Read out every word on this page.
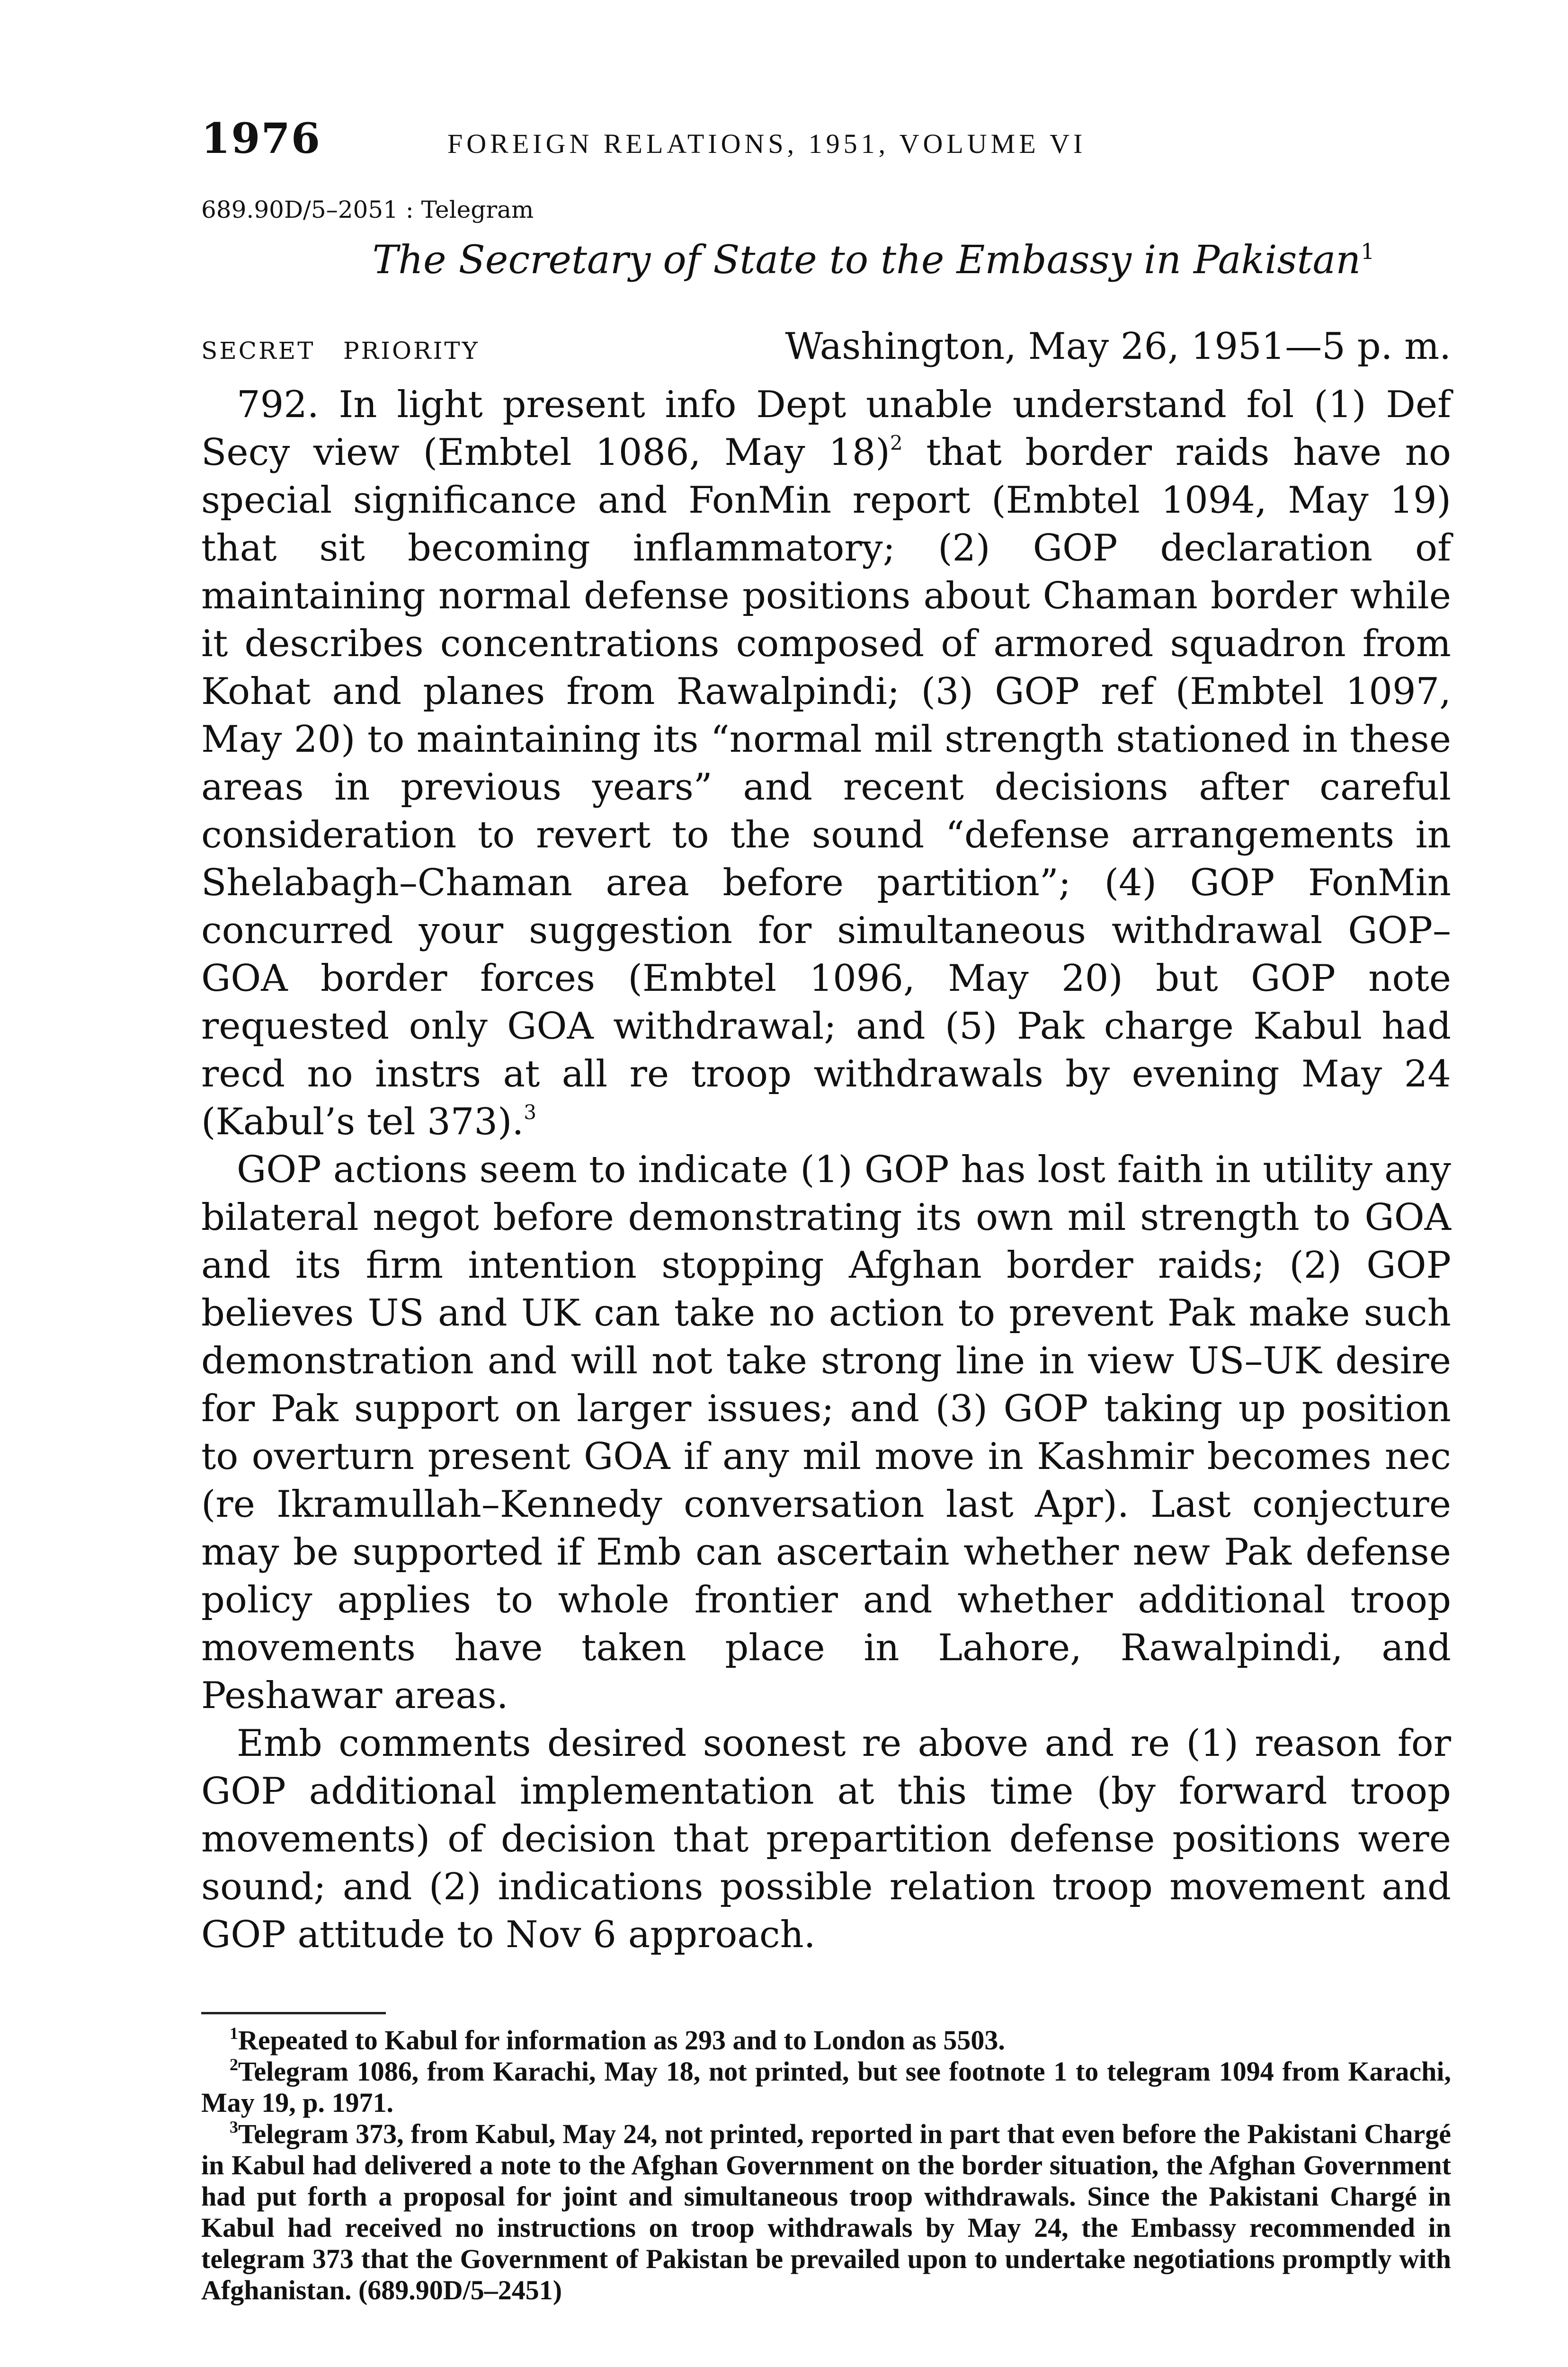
1976	FOREIGN RELATIONS, 1951, VOLUME VI
689.90D/5–2051 : Telegram
The Secretary of State to the Embassy in Pakistan$^1$
SECRET	PRIORITY	Washington, May 26, 1951—5 p. m.

792. In light present info Dept unable understand fol (1) Def Secy view (Embtel 1086, May 18)$^2$ that border raids have no special significance and FonMin report (Embtel 1094, May 19) that sit becoming inflammatory; (2) GOP declaration of maintaining normal defense positions about Chaman border while it describes concentrations composed of armored squadron from Kohat and planes from Rawalpindi; (3) GOP ref (Embtel 1097, May 20) to maintaining its “normal mil strength stationed in these areas in previous years” and recent decisions after careful consideration to revert to the sound “defense arrangements in Shelabagh–Chaman area before partition”; (4) GOP FonMin concurred your suggestion for simultaneous withdrawal GOP–GOA border forces (Embtel 1096, May 20) but GOP note requested only GOA withdrawal; and (5) Pak charge Kabul had recd no instrs at all re troop withdrawals by evening May 24 (Kabul’s tel 373).$^3$

GOP actions seem to indicate (1) GOP has lost faith in utility any bilateral negot before demonstrating its own mil strength to GOA and its firm intention stopping Afghan border raids; (2) GOP believes US and UK can take no action to prevent Pak make such demonstration and will not take strong line in view US–UK desire for Pak support on larger issues; and (3) GOP taking up position to overturn present GOA if any mil move in Kashmir becomes nec (re Ikramullah–Kennedy conversation last Apr). Last conjecture may be supported if Emb can ascertain whether new Pak defense policy applies to whole frontier and whether additional troop movements have taken place in Lahore, Rawalpindi, and Peshawar areas.

Emb comments desired soonest re above and re (1) reason for GOP additional implementation at this time (by forward troop movements) of decision that prepartition defense positions were sound; and (2) indications possible relation troop movement and GOP attitude to Nov 6 approach.

$^1$Repeated to Kabul for information as 293 and to London as 5503.

$^2$Telegram 1086, from Karachi, May 18, not printed, but see footnote 1 to telegram 1094 from Karachi, May 19, p. 1971.

$^3$Telegram 373, from Kabul, May 24, not printed, reported in part that even before the Pakistani Chargé in Kabul had delivered a note to the Afghan Government on the border situation, the Afghan Government had put forth a proposal for joint and simultaneous troop withdrawals. Since the Pakistani Chargé in Kabul had received no instructions on troop withdrawals by May 24, the Embassy recommended in telegram 373 that the Government of Pakistan be prevailed upon to undertake negotiations promptly with Afghanistan. (689.90D/5–2451)
